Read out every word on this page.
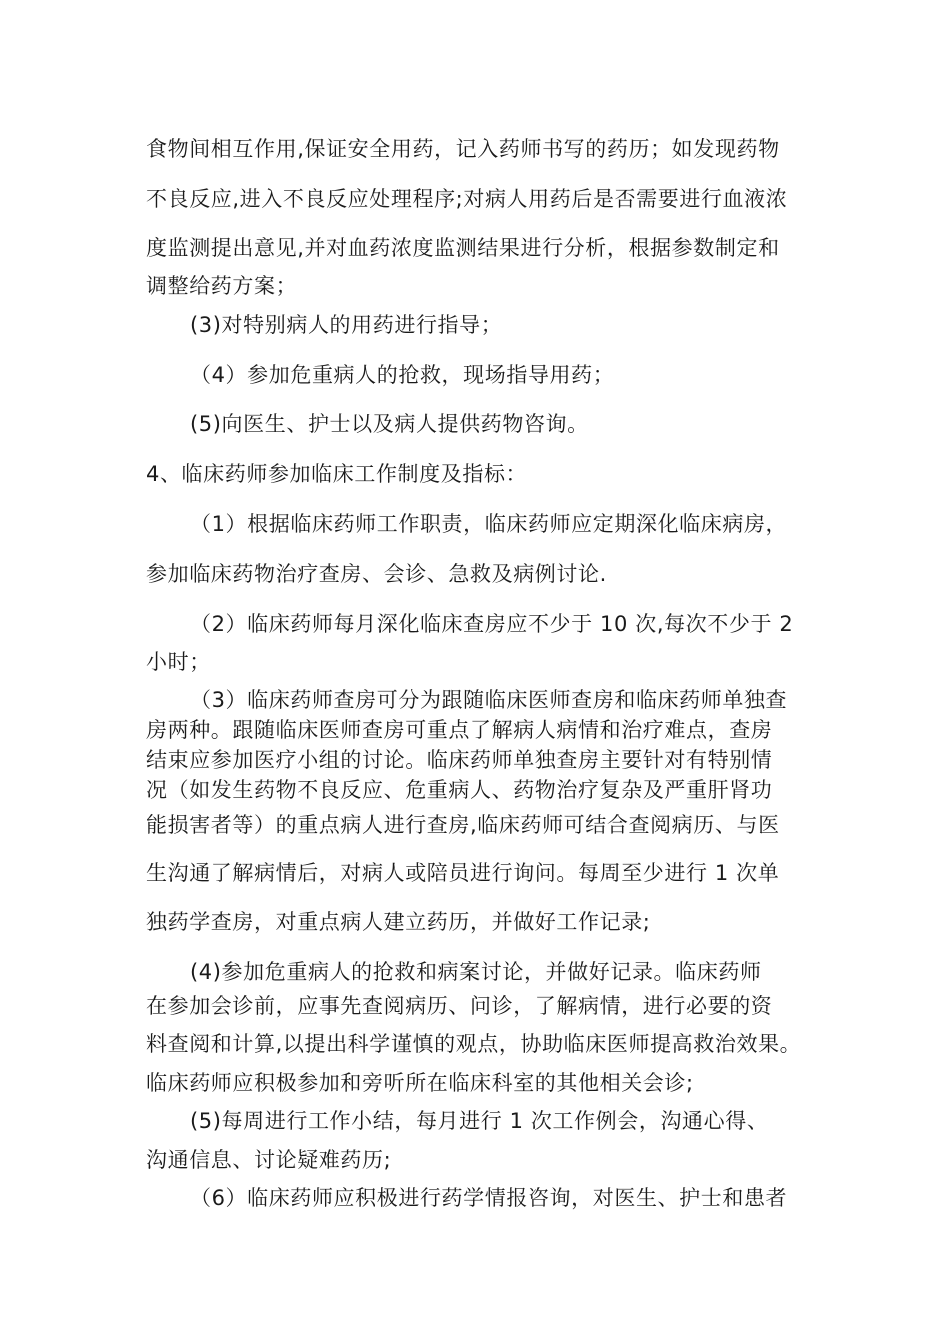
食物间相互作用,保证安全用药，记入药师书写的药历；如发现药物
不良反应,进入不良反应处理程序;对病人用药后是否需要进行血液浓
度监测提出意见,并对血药浓度监测结果进行分析，根据参数制定和
调整给药方案；
(3)对特别病人的用药进行指导；
（4）参加危重病人的抢救，现场指导用药；
(5)向医生、护士以及病人提供药物咨询。
4、临床药师参加临床工作制度及指标：
（1）根据临床药师工作职责，临床药师应定期深化临床病房，
参加临床药物治疗查房、会诊、急救及病例讨论.
（2）临床药师每月深化临床查房应不少于 10 次,每次不少于 2
小时；
（3）临床药师查房可分为跟随临床医师查房和临床药师单独查
房两种。跟随临床医师查房可重点了解病人病情和治疗难点，查房
结束应参加医疗小组的讨论。临床药师单独查房主要针对有特别情
况（如发生药物不良反应、危重病人、药物治疗复杂及严重肝肾功
能损害者等）的重点病人进行查房,临床药师可结合查阅病历、与医
生沟通了解病情后，对病人或陪员进行询问。每周至少进行 1 次单
独药学查房，对重点病人建立药历，并做好工作记录;
(4)参加危重病人的抢救和病案讨论，并做好记录。临床药师
在参加会诊前，应事先查阅病历、问诊，了解病情，进行必要的资
料查阅和计算,以提出科学谨慎的观点，协助临床医师提高救治效果。
临床药师应积极参加和旁听所在临床科室的其他相关会诊;
(5)每周进行工作小结，每月进行 1 次工作例会，沟通心得、
沟通信息、讨论疑难药历;
（6）临床药师应积极进行药学情报咨询，对医生、护士和患者
